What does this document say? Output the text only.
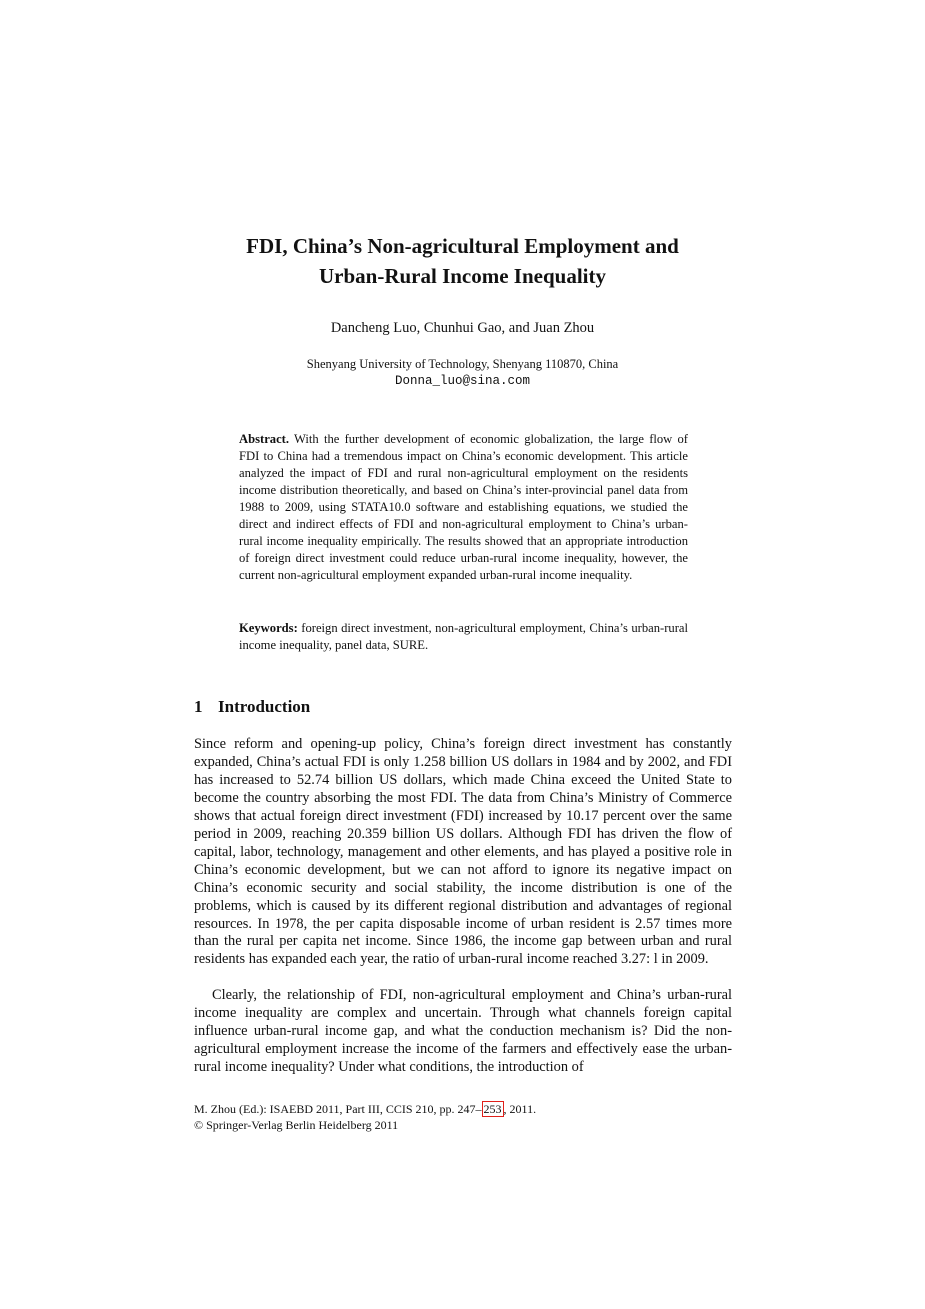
FDI, China’s Non-agricultural Employment and
Urban-Rural Income Inequality
Dancheng Luo, Chunhui Gao, and Juan Zhou
Shenyang University of Technology, Shenyang 110870, China
Donna_luo@sina.com
Abstract. With the further development of economic globalization, the large flow of FDI to China had a tremendous impact on China’s economic development. This article analyzed the impact of FDI and rural non-agricultural employment on the residents income distribution theoretically, and based on China’s inter-provincial panel data from 1988 to 2009, using STATA10.0 software and establishing equations, we studied the direct and indirect effects of FDI and non-agricultural employment to China’s urban-rural income inequality empirically. The results showed that an appropriate introduction of foreign direct investment could reduce urban-rural income inequality, however, the current non-agricultural employment expanded urban-rural income inequality.
Keywords: foreign direct investment, non-agricultural employment, China’s urban-rural income inequality, panel data, SURE.
1 Introduction
Since reform and opening-up policy, China’s foreign direct investment has constantly expanded, China’s actual FDI is only 1.258 billion US dollars in 1984 and by 2002, and FDI has increased to 52.74 billion US dollars, which made China exceed the United State to become the country absorbing the most FDI. The data from China’s Ministry of Commerce shows that actual foreign direct investment (FDI) increased by 10.17 percent over the same period in 2009, reaching 20.359 billion US dollars. Although FDI has driven the flow of capital, labor, technology, management and other elements, and has played a positive role in China’s economic development, but we can not afford to ignore its negative impact on China’s economic security and social stability, the income distribution is one of the problems, which is caused by its different regional distribution and advantages of regional resources. In 1978, the per capita disposable income of urban resident is 2.57 times more than the rural per capita net income. Since 1986, the income gap between urban and rural residents has expanded each year, the ratio of urban-rural income reached 3.27: l in 2009.
Clearly, the relationship of FDI, non-agricultural employment and China’s urban-rural income inequality are complex and uncertain. Through what channels foreign capital influence urban-rural income gap, and what the conduction mechanism is? Did the non-agricultural employment increase the income of the farmers and effectively ease the urban-rural income inequality? Under what conditions, the introduction of
M. Zhou (Ed.): ISAEBD 2011, Part III, CCIS 210, pp. 247– 253 , 2011.
© Springer-Verlag Berlin Heidelberg 2011
